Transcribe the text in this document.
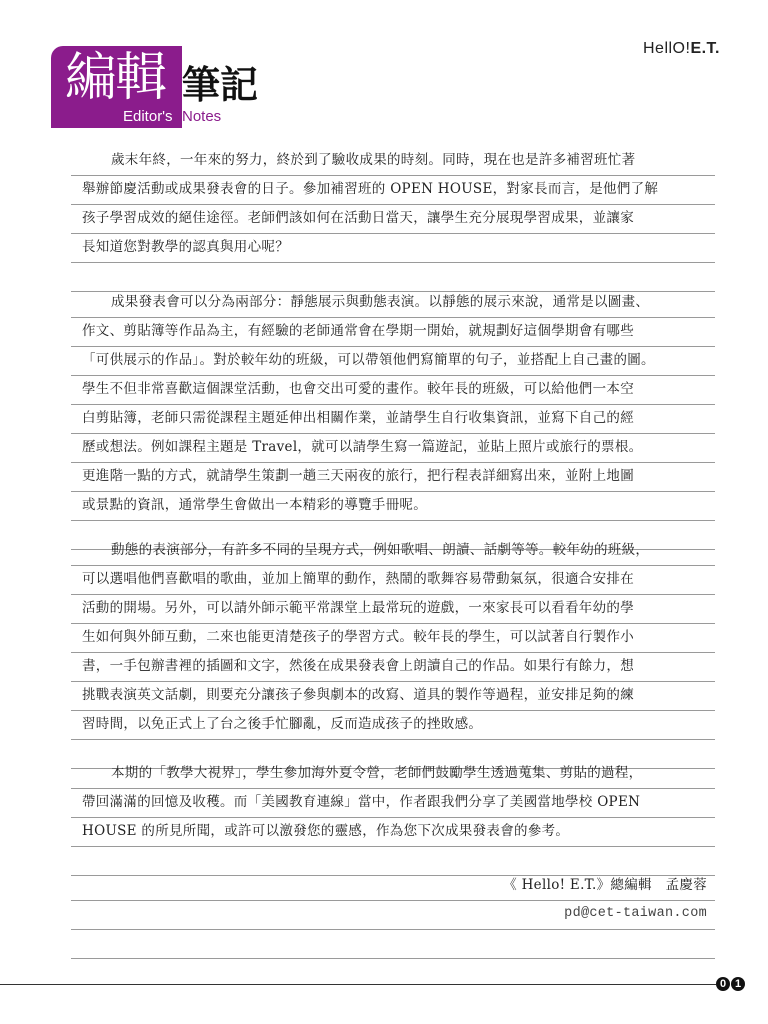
HellO!E.T.
編輯 筆記
Editor's Notes
歲末年終，一年來的努力，終於到了驗收成果的時刻。同時，現在也是許多補習班忙著
舉辦節慶活動或成果發表會的日子。參加補習班的 OPEN HOUSE，對家長而言，是他們了解
孩子學習成效的絕佳途徑。老師們該如何在活動日當天，讓學生充分展現學習成果，並讓家
長知道您對教學的認真與用心呢？
成果發表會可以分為兩部分：靜態展示與動態表演。以靜態的展示來說，通常是以圖畫、
作文、剪貼簿等作品為主，有經驗的老師通常會在學期一開始，就規劃好這個學期會有哪些
「可供展示的作品」。對於較年幼的班級，可以帶領他們寫簡單的句子，並搭配上自己畫的圖。
學生不但非常喜歡這個課堂活動，也會交出可愛的畫作。較年長的班級，可以給他們一本空
白剪貼簿，老師只需從課程主題延伸出相關作業，並請學生自行收集資訊，並寫下自己的經
歷或想法。例如課程主題是 Travel，就可以請學生寫一篇遊記，並貼上照片或旅行的票根。
更進階一點的方式，就請學生策劃一趟三天兩夜的旅行，把行程表詳細寫出來，並附上地圖
或景點的資訊，通常學生會做出一本精彩的導覽手冊呢。
動態的表演部分，有許多不同的呈現方式，例如歌唱、朗讀、話劇等等。較年幼的班級，
可以選唱他們喜歡唱的歌曲，並加上簡單的動作，熱鬧的歌舞容易帶動氣氛，很適合安排在
活動的開場。另外，可以請外師示範平常課堂上最常玩的遊戲，一來家長可以看看年幼的學
生如何與外師互動，二來也能更清楚孩子的學習方式。較年長的學生，可以試著自行製作小
書，一手包辦書裡的插圖和文字，然後在成果發表會上朗讀自己的作品。如果行有餘力，想
挑戰表演英文話劇，則要充分讓孩子參與劇本的改寫、道具的製作等過程，並安排足夠的練
習時間，以免正式上了台之後手忙腳亂，反而造成孩子的挫敗感。
本期的「教學大視界」，學生參加海外夏令營，老師們鼓勵學生透過蒐集、剪貼的過程，
帶回滿滿的回憶及收穫。而「美國教育連線」當中，作者跟我們分享了美國當地學校 OPEN
HOUSE 的所見所聞，或許可以激發您的靈感，作為您下次成果發表會的參考。
《 Hello! E.T.》總編輯　孟慶蓉
pd@cet-taiwan.com
0 1
